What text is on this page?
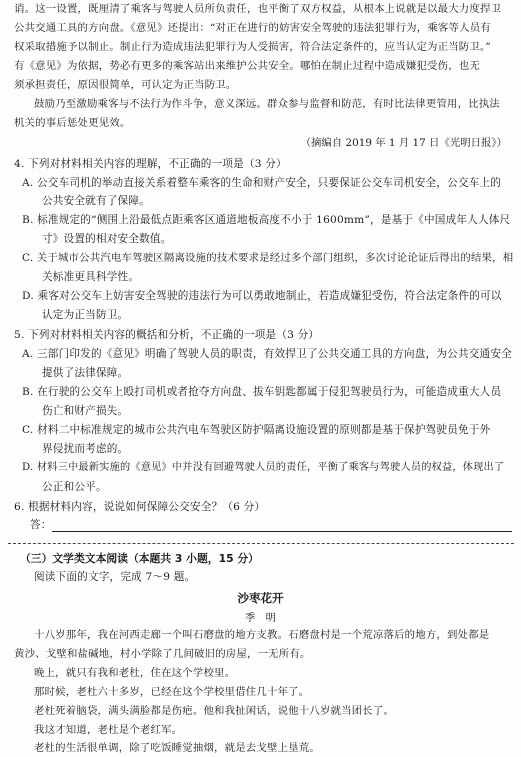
诮。这一设置，既厘清了乘客与驾驶人员所负责任，也平衡了双方权益，从根本上说就是以最大力度捍卫
公共交通工具的方向盘。《意见》还提出：“对正在进行的妨害安全驾驶的违法犯罪行为，乘客等人员有
权采取措施予以制止。制止行为造成违法犯罪行为人受损害，符合法定条件的，应当认定为正当防卫。”
有《意见》为依据，势必有更多的乘客站出来维护公共安全。哪怕在制止过程中造成嫌犯受伤，也无
须承担责任，原因很简单，可认定为正当防卫。
鼓励乃至激励乘客与不法行为作斗争，意义深远。群众参与监督和防范，有时比法律更管用，比执法
机关的事后惩处更见效。
（摘编自 2019 年 1 月 17 日《光明日报》）
4. 下列对材料相关内容的理解，不正确的一项是（3 分）
A. 公交车司机的举动直接关系着整车乘客的生命和财产安全，只要保证公交车司机安全，公交车上的
公共安全就有了保障。
B. 标准规定的“侧围上沿最低点距乘客区通道地板高度不小于 1600mm”，是基于《中国成年人人体尺
寸》设置的相对安全数值。
C. 关于城市公共汽电车驾驶区隔离设施的技术要求是经过多个部门组织，多次讨论论证后得出的结果，相
关标准更具科学性。
D. 乘客对公交车上妨害安全驾驶的违法行为可以勇敢地制止，若造成嫌犯受伤，符合法定条件的可以
认定为正当防卫。
5. 下列对材料相关内容的概括和分析，不正确的一项是（3 分）
A. 三部门印发的《意见》明确了驾驶人员的职责，有效捍卫了公共交通工具的方向盘，为公共交通安全
提供了法律保障。
B. 在行驶的公交车上殴打司机或者抢夺方向盘、拔车钥匙都属于侵犯驾驶员行为，可能造成重大人员
伤亡和财产损失。
C. 材料二中标准规定的城市公共汽电车驾驶区防护隔离设施设置的原则都是基于保护驾驶员免于外
界侵扰而考虑的。
D. 材料三中最新实施的《意见》中并没有回避驾驶人员的责任，平衡了乘客与驾驶人员的权益，体现出了
公正和公平。
6. 根据材料内容，说说如何保障公交安全？（6 分）
答：
（三）文学类文本阅读（本题共 3 小题，15 分）
阅读下面的文字，完成 7～9 题。
沙枣花开
季　明
十八岁那年，我在河西走廊一个叫石磨盘的地方支教。石磨盘村是一个荒凉落后的地方，到处都是
黄沙、戈壁和盐碱地，村小学除了几间破旧的房屋，一无所有。
晚上，就只有我和老杜，住在这个学校里。
那时候，老杜六十多岁，已经在这个学校里借住几十年了。
老杜死着脑袋，满头满脸都是伤疤。他和我扯闲话，说他十八岁就当团长了。
我这才知道，老杜是个老红军。
老杜的生活很单调，除了吃饭睡觉抽烟，就是去戈壁上垦荒。
